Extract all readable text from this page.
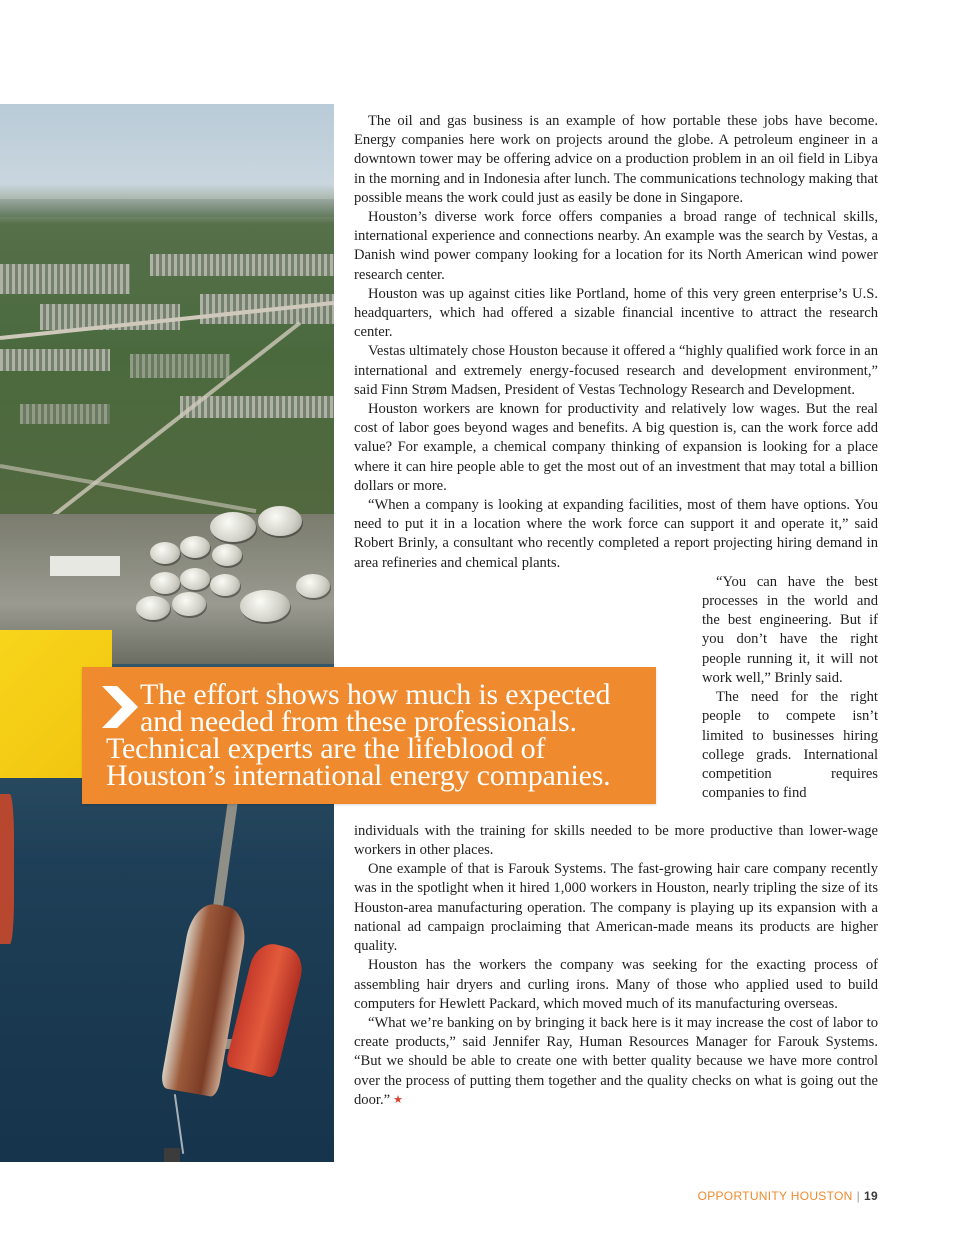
The effort shows how much is expected
and needed from these professionals.
Technical experts are the lifeblood of
Houston’s international energy companies.

The oil and gas business is an example of how portable these jobs have become. Energy companies here work on projects around the globe. A petroleum engineer in a downtown tower may be offering advice on a production problem in an oil field in Libya in the morning and in Indonesia after lunch. The communications technology making that possible means the work could just as easily be done in Singapore.

Houston’s diverse work force offers companies a broad range of technical skills, international experience and connections nearby. An example was the search by Vestas, a Danish wind power company looking for a location for its North American wind power research center.

Houston was up against cities like Portland, home of this very green enterprise’s U.S. headquarters, which had offered a sizable financial incentive to attract the research center.

Vestas ultimately chose Houston because it offered a “highly qualified work force in an international and extremely energy-focused research and development environment,” said Finn Strøm Madsen, President of Vestas Technology Research and Development.

Houston workers are known for productivity and relatively low wages. But the real cost of labor goes beyond wages and benefits. A big question is, can the work force add value? For example, a chemical company thinking of expansion is looking for a place where it can hire people able to get the most out of an investment that may total a billion dollars or more.

“When a company is looking at expanding facilities, most of them have options. You need to put it in a location where the work force can support it and operate it,” said Robert Brinly, a consultant who recently completed a report projecting hiring demand in area refineries and chemical plants.

“You can have the best processes in the world and the best engineering. But if you don’t have the right people running it, it will not work well,” Brinly said.

The need for the right people to compete isn’t limited to businesses hiring college grads. International competition requires companies to find

individuals with the training for skills needed to be more productive than lower-wage workers in other places.

One example of that is Farouk Systems. The fast-growing hair care company recently was in the spotlight when it hired 1,000 workers in Houston, nearly tripling the size of its Houston-area manufacturing operation. The company is playing up its expansion with a national ad campaign proclaiming that American-made means its products are higher quality.

Houston has the workers the company was seeking for the exacting process of assembling hair dryers and curling irons. Many of those who applied used to build computers for Hewlett Packard, which moved much of its manufacturing overseas.

“What we’re banking on by bringing it back here is it may increase the cost of labor to create products,” said Jennifer Ray, Human Resources Manager for Farouk Systems. “But we should be able to create one with better quality because we have more control over the process of putting them together and the quality checks on what is going out the door.” ★

OPPORTUNITY HOUSTON | 19
